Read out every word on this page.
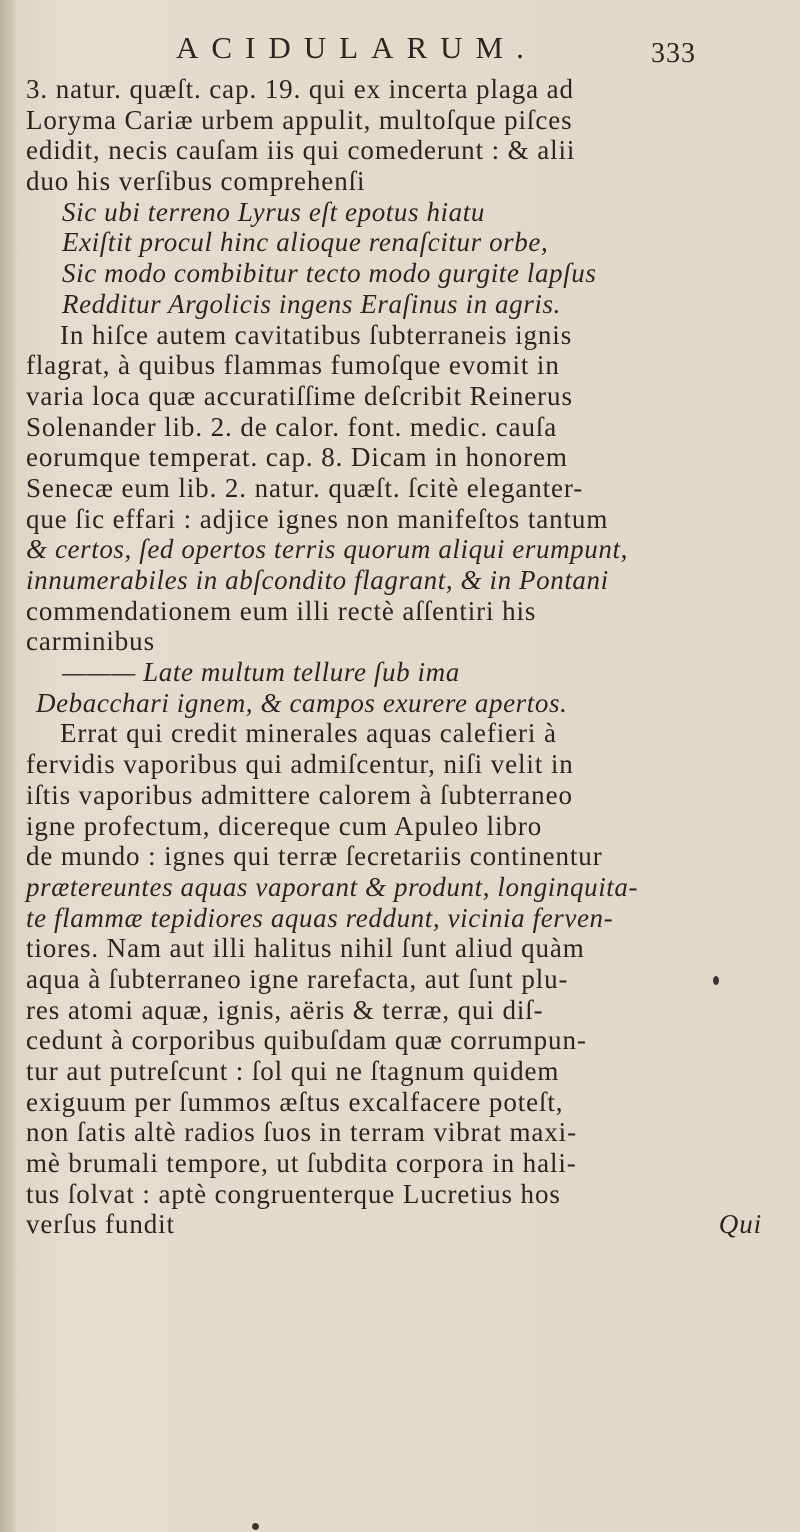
ACIDULARUM.	333
3. natur. quæſt. cap. 19. qui ex incerta plaga ad
Loryma Cariæ urbem appulit, multoſque piſces
edidit, necis cauſam iis qui comederunt : & alii
duo his verſibus comprehenſi
Sic ubi terreno Lyrus eſt epotus hiatu
Exiſtit procul hinc alioque renaſcitur orbe,
Sic modo combibitur tecto modo gurgite lapſus
Redditur Argolicis ingens Eraſinus in agris.
In hiſce autem cavitatibus ſubterraneis ignis
flagrat, à quibus flammas fumoſque evomit in
varia loca quæ accuratiſſime deſcribit Reinerus
Solenander lib. 2. de calor. font. medic. cauſa
eorumque temperat. cap. 8. Dicam in honorem
Senecæ eum lib. 2. natur. quæſt. ſcitè eleganter-
que ſic effari : adjice ignes non manifeſtos tantum
& certos, ſed opertos terris quorum aliqui erumpunt,
innumerabiles in abſcondito flagrant, & in Pontani
commendationem eum illi rectè aſſentiri his
carminibus
——— Late multum tellure ſub ima
Debacchari ignem, & campos exurere apertos.
Errat qui credit minerales aquas calefieri à
fervidis vaporibus qui admiſcentur, niſi velit in
iſtis vaporibus admittere calorem à ſubterraneo
igne profectum, dicereque cum Apuleo libro
de mundo : ignes qui terræ ſecretariis continentur
prætereuntes aquas vaporant & produnt, longinquita-
te flammæ tepidiores aquas reddunt, vicinia ferven-
tiores. Nam aut illi halitus nihil ſunt aliud quàm
aqua à ſubterraneo igne rarefacta, aut ſunt plu-
res atomi aquæ, ignis, aëris & terræ, qui diſ-
cedunt à corporibus quibuſdam quæ corrumpun-
tur aut putreſcunt : ſol qui ne ſtagnum quidem
exiguum per ſummos æſtus excalfacere poteſt,
non ſatis altè radios ſuos in terram vibrat maxi-
mè brumali tempore, ut ſubdita corpora in hali-
tus ſolvat : aptè congruenterque Lucretius hos
verſus fundit	Qui
